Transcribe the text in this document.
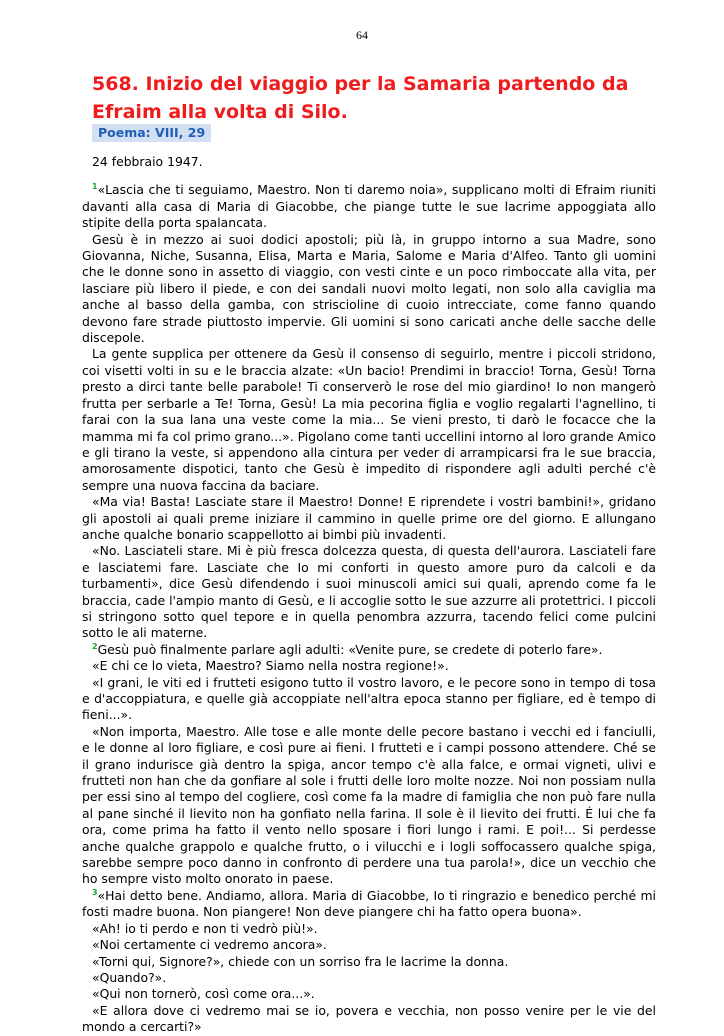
64
568. Inizio del viaggio per la Samaria partendo da Efraim alla volta di Silo.
Poema: VIII, 29

24 febbraio 1947.

$^1$«Lascia che ti seguiamo, Maestro. Non ti daremo noia», supplicano molti di Efraim riuniti davanti alla casa di Maria di Giacobbe, che piange tutte le sue lacrime appoggiata allo stipite della porta spalancata.

Gesù è in mezzo ai suoi dodici apostoli; più là, in gruppo intorno a sua Madre, sono Giovanna, Niche, Susanna, Elisa, Marta e Maria, Salome e Maria d'Alfeo. Tanto gli uomini che le donne sono in assetto di viaggio, con vesti cinte e un poco rimboccate alla vita, per lasciare più libero il piede, e con dei sandali nuovi molto legati, non solo alla caviglia ma anche al basso della gamba, con striscioline di cuoio intrecciate, come fanno quando devono fare strade piuttosto impervie. Gli uomini si sono caricati anche delle sacche delle discepole.

La gente supplica per ottenere da Gesù il consenso di seguirlo, mentre i piccoli stridono, coi visetti volti in su e le braccia alzate: «Un bacio! Prendimi in braccio! Torna, Gesù! Torna presto a dirci tante belle parabole! Ti conserverò le rose del mio giardino! Io non mangerò frutta per serbarle a Te! Torna, Gesù! La mia pecorina figlia e voglio regalarti l'agnellino, ti farai con la sua lana una veste come la mia... Se vieni presto, ti darò le focacce che la mamma mi fa col primo grano...». Pigolano come tanti uccellini intorno al loro grande Amico e gli tirano la veste, si appendono alla cintura per veder di arrampicarsi fra le sue braccia, amorosamente dispotici, tanto che Gesù è impedito di rispondere agli adulti perché c'è sempre una nuova faccina da baciare.

«Ma via! Basta! Lasciate stare il Maestro! Donne! E riprendete i vostri bambini!», gridano gli apostoli ai quali preme iniziare il cammino in quelle prime ore del giorno. E allungano anche qualche bonario scappellotto ai bimbi più invadenti.

«No. Lasciateli stare. Mi è più fresca dolcezza questa, di questa dell'aurora. Lasciateli fare e lasciatemi fare. Lasciate che Io mi conforti in questo amore puro da calcoli e da turbamenti», dice Gesù difendendo i suoi minuscoli amici sui quali, aprendo come fa le braccia, cade l'ampio manto di Gesù, e li accoglie sotto le sue azzurre ali protettrici. I piccoli si stringono sotto quel tepore e in quella penombra azzurra, tacendo felici come pulcini sotto le ali materne.

$^2$Gesù può finalmente parlare agli adulti: «Venite pure, se credete di poterlo fare».

«E chi ce lo vieta, Maestro? Siamo nella nostra regione!».

«I grani, le viti ed i frutteti esigono tutto il vostro lavoro, e le pecore sono in tempo di tosa e d'accoppiatura, e quelle già accoppiate nell'altra epoca stanno per figliare, ed è tempo di fieni...».

«Non importa, Maestro. Alle tose e alle monte delle pecore bastano i vecchi ed i fanciulli, e le donne al loro figliare, e così pure ai fieni. I frutteti e i campi possono attendere. Ché se il grano indurisce già dentro la spiga, ancor tempo c'è alla falce, e ormai vigneti, ulivi e frutteti non han che da gonfiare al sole i frutti delle loro molte nozze. Noi non possiam nulla per essi sino al tempo del cogliere, così come fa la madre di famiglia che non può fare nulla al pane sinché il lievito non ha gonfiato nella farina. Il sole è il lievito dei frutti. É lui che fa ora, come prima ha fatto il vento nello sposare i fiori lungo i rami. E poi!... Si perdesse anche qualche grappolo e qualche frutto, o i vilucchi e i logli soffocassero qualche spiga, sarebbe sempre poco danno in confronto di perdere una tua parola!», dice un vecchio che ho sempre visto molto onorato in paese.

$^3$«Hai detto bene. Andiamo, allora. Maria di Giacobbe, Io ti ringrazio e benedico perché mi fosti madre buona. Non piangere! Non deve piangere chi ha fatto opera buona».

«Ah! io ti perdo e non ti vedrò più!».

«Noi certamente ci vedremo ancora».

«Torni qui, Signore?», chiede con un sorriso fra le lacrime la donna.

«Quando?».

«Qui non tornerò, così come ora...».

«E allora dove ci vedremo mai se io, povera e vecchia, non posso venire per le vie del mondo a cercarti?»
